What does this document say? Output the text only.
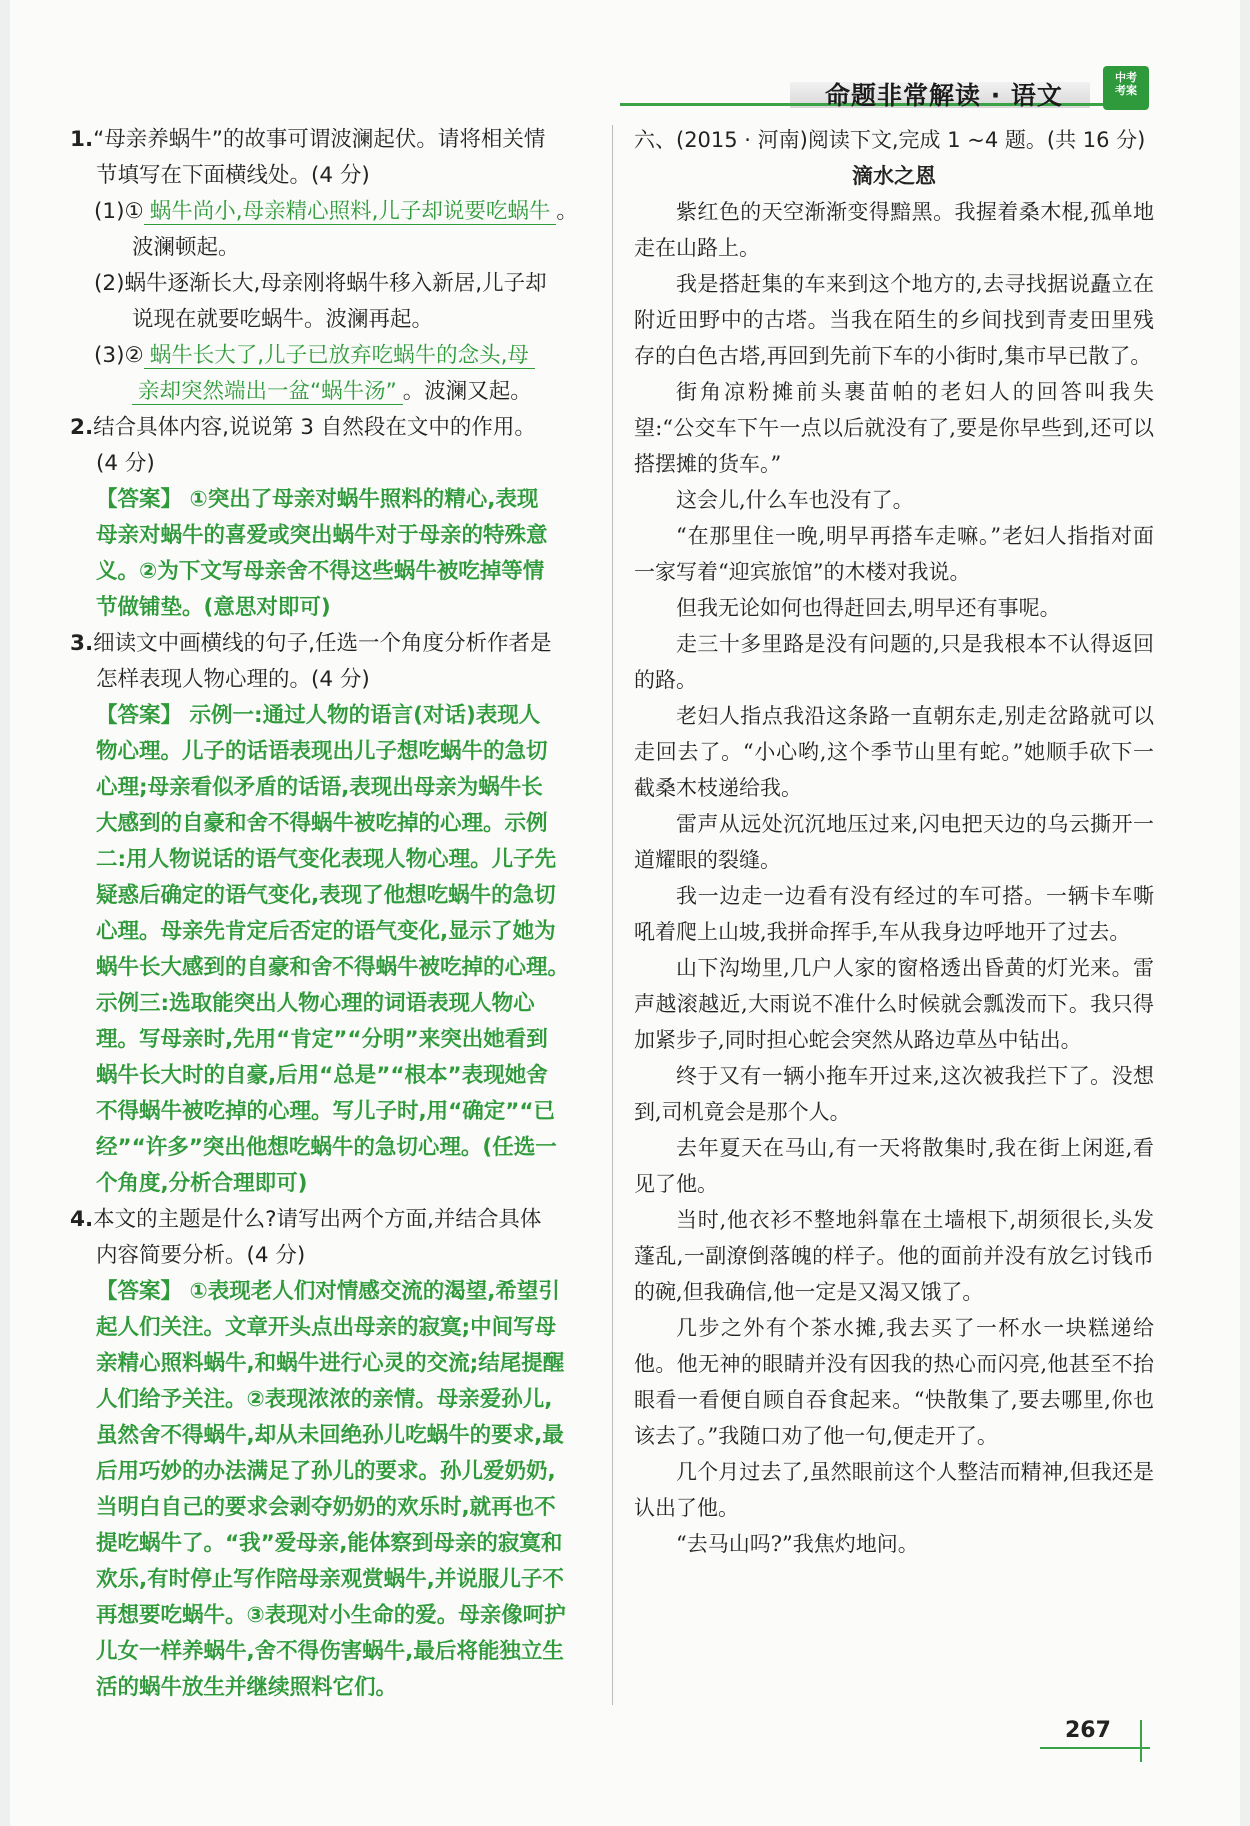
命题非常解读 · 语文
中考
考案
1.“母亲养蜗牛”的故事可谓波澜起伏。请将相关情
节填写在下面横线处。(4 分)
(1)① 蜗牛尚小,母亲精心照料,儿子却说要吃蜗牛 。
波澜顿起。
(2)蜗牛逐渐长大,母亲刚将蜗牛移入新居,儿子却
说现在就要吃蜗牛。波澜再起。
(3)② 蜗牛长大了,儿子已放弃吃蜗牛的念头,母
亲却突然端出一盆“蜗牛汤” 。波澜又起。
2.结合具体内容,说说第 3 自然段在文中的作用。
(4 分)
【答案】 ①突出了母亲对蜗牛照料的精心,表现
母亲对蜗牛的喜爱或突出蜗牛对于母亲的特殊意
义。②为下文写母亲舍不得这些蜗牛被吃掉等情
节做铺垫。(意思对即可)
3.细读文中画横线的句子,任选一个角度分析作者是
怎样表现人物心理的。(4 分)
【答案】 示例一:通过人物的语言(对话)表现人
物心理。儿子的话语表现出儿子想吃蜗牛的急切
心理;母亲看似矛盾的话语,表现出母亲为蜗牛长
大感到的自豪和舍不得蜗牛被吃掉的心理。示例
二:用人物说话的语气变化表现人物心理。儿子先
疑惑后确定的语气变化,表现了他想吃蜗牛的急切
心理。母亲先肯定后否定的语气变化,显示了她为
蜗牛长大感到的自豪和舍不得蜗牛被吃掉的心理。
示例三:选取能突出人物心理的词语表现人物心
理。写母亲时,先用“肯定”“分明”来突出她看到
蜗牛长大时的自豪,后用“总是”“根本”表现她舍
不得蜗牛被吃掉的心理。写儿子时,用“确定”“已
经”“许多”突出他想吃蜗牛的急切心理。(任选一
个角度,分析合理即可)
4.本文的主题是什么?请写出两个方面,并结合具体
内容简要分析。(4 分)
【答案】 ①表现老人们对情感交流的渴望,希望引
起人们关注。文章开头点出母亲的寂寞;中间写母
亲精心照料蜗牛,和蜗牛进行心灵的交流;结尾提醒
人们给予关注。②表现浓浓的亲情。母亲爱孙儿,
虽然舍不得蜗牛,却从未回绝孙儿吃蜗牛的要求,最
后用巧妙的办法满足了孙儿的要求。孙儿爱奶奶,
当明白自己的要求会剥夺奶奶的欢乐时,就再也不
提吃蜗牛了。“我”爱母亲,能体察到母亲的寂寞和
欢乐,有时停止写作陪母亲观赏蜗牛,并说服儿子不
再想要吃蜗牛。③表现对小生命的爱。母亲像呵护
儿女一样养蜗牛,舍不得伤害蜗牛,最后将能独立生
活的蜗牛放生并继续照料它们。

六、(2015 · 河南)阅读下文,完成 1 ~4 题。(共 16 分)

滴水之恩

紫红色的天空渐渐变得黯黑。我握着桑木棍,孤单地走在山路上。

我是搭赶集的车来到这个地方的,去寻找据说矗立在附近田野中的古塔。当我在陌生的乡间找到青麦田里残存的白色古塔,再回到先前下车的小街时,集市早已散了。

街角凉粉摊前头裹苗帕的老妇人的回答叫我失望:“公交车下午一点以后就没有了,要是你早些到,还可以搭摆摊的货车。”

这会儿,什么车也没有了。

“在那里住一晚,明早再搭车走嘛。”老妇人指指对面一家写着“迎宾旅馆”的木楼对我说。

但我无论如何也得赶回去,明早还有事呢。

走三十多里路是没有问题的,只是我根本不认得返回的路。

老妇人指点我沿这条路一直朝东走,别走岔路就可以走回去了。“小心哟,这个季节山里有蛇。”她顺手砍下一截桑木枝递给我。

雷声从远处沉沉地压过来,闪电把天边的乌云撕开一道耀眼的裂缝。

我一边走一边看有没有经过的车可搭。一辆卡车嘶吼着爬上山坡,我拼命挥手,车从我身边呼地开了过去。

山下沟坳里,几户人家的窗格透出昏黄的灯光来。雷声越滚越近,大雨说不准什么时候就会瓢泼而下。我只得加紧步子,同时担心蛇会突然从路边草丛中钻出。

终于又有一辆小拖车开过来,这次被我拦下了。没想到,司机竟会是那个人。

去年夏天在马山,有一天将散集时,我在街上闲逛,看见了他。

当时,他衣衫不整地斜靠在土墙根下,胡须很长,头发蓬乱,一副潦倒落魄的样子。他的面前并没有放乞讨钱币的碗,但我确信,他一定是又渴又饿了。

几步之外有个茶水摊,我去买了一杯水一块糕递给他。他无神的眼睛并没有因我的热心而闪亮,他甚至不抬眼看一看便自顾自吞食起来。“快散集了,要去哪里,你也该去了。”我随口劝了他一句,便走开了。

几个月过去了,虽然眼前这个人整洁而精神,但我还是认出了他。

“去马山吗?”我焦灼地问。

267
